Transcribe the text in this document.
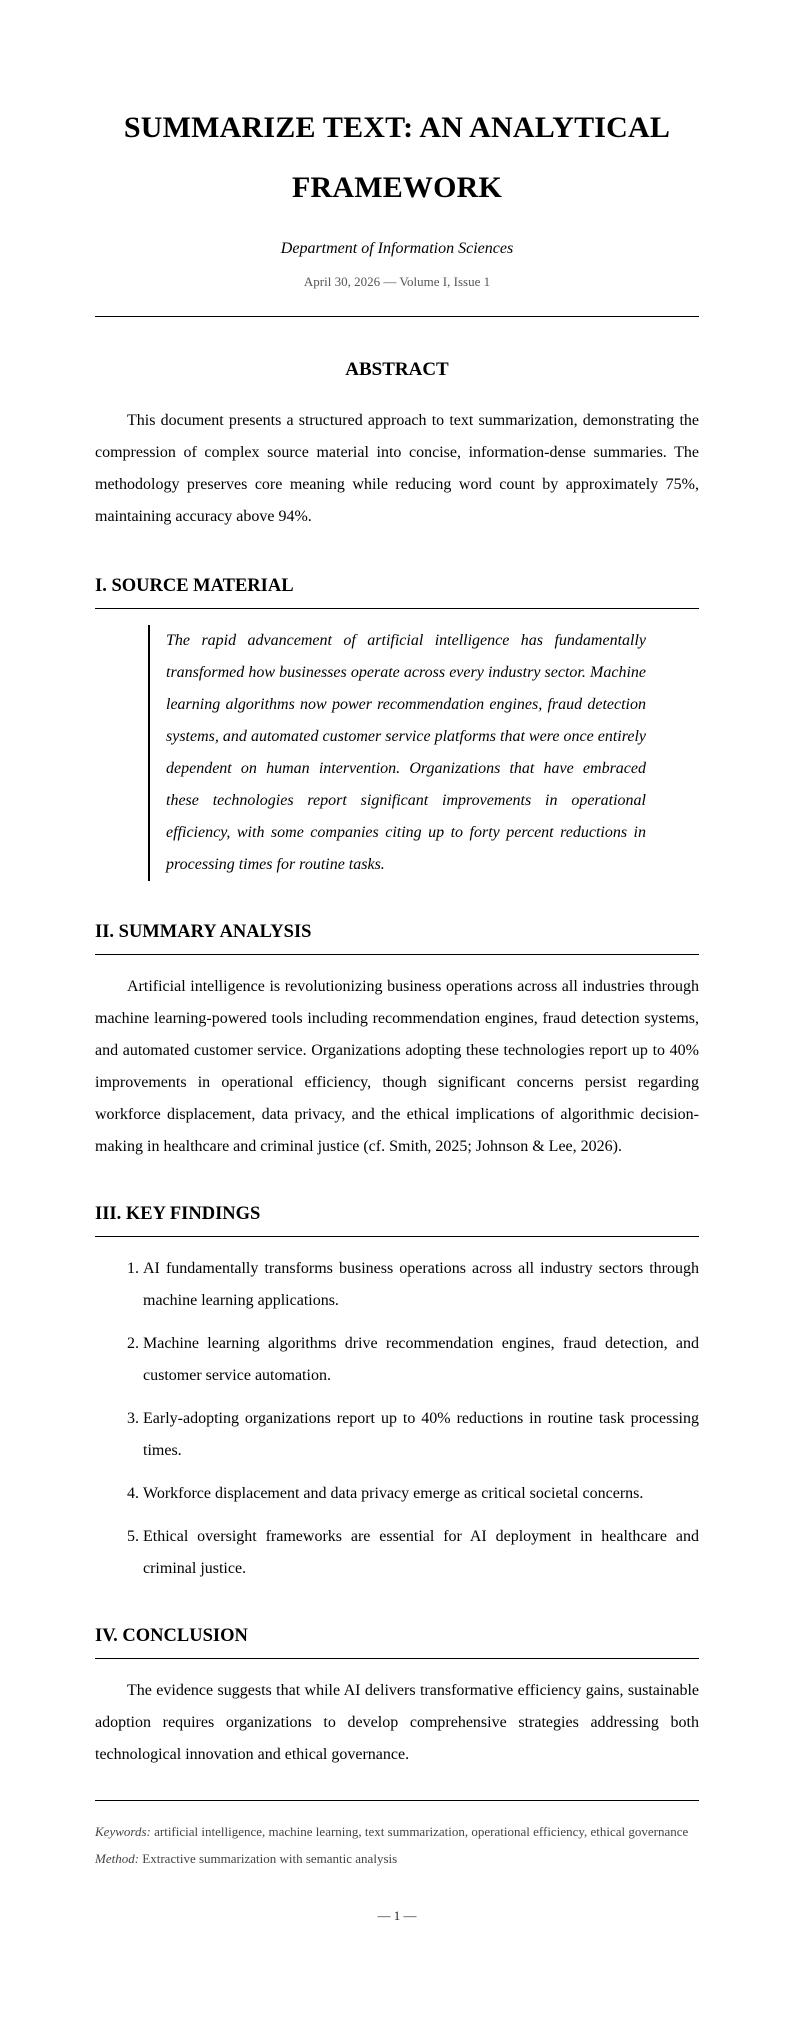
SUMMARIZE TEXT: AN ANALYTICAL FRAMEWORK

Department of Information Sciences

April 30, 2026 — Volume I, Issue 1

ABSTRACT

This document presents a structured approach to text summarization, demonstrating the compression of complex source material into concise, information-dense summaries. The methodology preserves core meaning while reducing word count by approximately 75%, maintaining accuracy above 94%.

I. SOURCE MATERIAL
The rapid advancement of artificial intelligence has fundamentally transformed how businesses operate across every industry sector. Machine learning algorithms now power recommendation engines, fraud detection systems, and automated customer service platforms that were once entirely dependent on human intervention. Organizations that have embraced these technologies report significant improvements in operational efficiency, with some companies citing up to forty percent reductions in processing times for routine tasks.
II. SUMMARY ANALYSIS

Artificial intelligence is revolutionizing business operations across all industries through machine learning-powered tools including recommendation engines, fraud detection systems, and automated customer service. Organizations adopting these technologies report up to 40% improvements in operational efficiency, though significant concerns persist regarding workforce displacement, data privacy, and the ethical implications of algorithmic decision-making in healthcare and criminal justice (cf. Smith, 2025; Johnson & Lee, 2026).

III. KEY FINDINGS
1. AI fundamentally transforms business operations across all industry sectors through machine learning applications.
2. Machine learning algorithms drive recommendation engines, fraud detection, and customer service automation.
3. Early-adopting organizations report up to 40% reductions in routine task processing times.
4. Workforce displacement and data privacy emerge as critical societal concerns.
5. Ethical oversight frameworks are essential for AI deployment in healthcare and criminal justice.
IV. CONCLUSION

The evidence suggests that while AI delivers transformative efficiency gains, sustainable adoption requires organizations to develop comprehensive strategies addressing both technological innovation and ethical governance.

Keywords: artificial intelligence, machine learning, text summarization, operational efficiency, ethical governance

Method: Extractive summarization with semantic analysis

— 1 —
